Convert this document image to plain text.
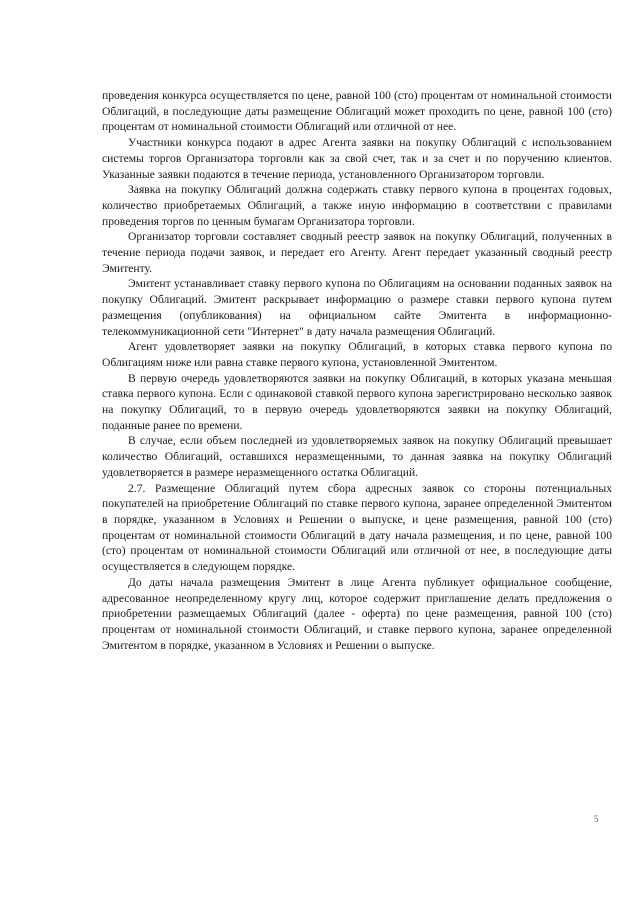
проведения конкурса осуществляется по цене, равной 100 (сто) процентам от номинальной стоимости Облигаций, в последующие даты размещение Облигаций может проходить по цене, равной 100 (сто) процентам от номинальной стоимости Облигаций или отличной от нее.

Участники конкурса подают в адрес Агента заявки на покупку Облигаций с использованием системы торгов Организатора торговли как за свой счет, так и за счет и по поручению клиентов. Указанные заявки подаются в течение периода, установленного Организатором торговли.

Заявка на покупку Облигаций должна содержать ставку первого купона в процентах годовых, количество приобретаемых Облигаций, а также иную информацию в соответствии с правилами проведения торгов по ценным бумагам Организатора торговли.

Организатор торговли составляет сводный реестр заявок на покупку Облигаций, полученных в течение периода подачи заявок, и передает его Агенту. Агент передает указанный сводный реестр Эмитенту.

Эмитент устанавливает ставку первого купона по Облигациям на основании поданных заявок на покупку Облигаций. Эмитент раскрывает информацию о размере ставки первого купона путем размещения (опубликования) на официальном сайте Эмитента в информационно-телекоммуникационной сети "Интернет" в дату начала размещения Облигаций.

Агент удовлетворяет заявки на покупку Облигаций, в которых ставка первого купона по Облигациям ниже или равна ставке первого купона, установленной Эмитентом.

В первую очередь удовлетворяются заявки на покупку Облигаций, в которых указана меньшая ставка первого купона. Если с одинаковой ставкой первого купона зарегистрировано несколько заявок на покупку Облигаций, то в первую очередь удовлетворяются заявки на покупку Облигаций, поданные ранее по времени.

В случае, если объем последней из удовлетворяемых заявок на покупку Облигаций превышает количество Облигаций, оставшихся неразмещенными, то данная заявка на покупку Облигаций удовлетворяется в размере неразмещенного остатка Облигаций.

2.7. Размещение Облигаций путем сбора адресных заявок со стороны потенциальных покупателей на приобретение Облигаций по ставке первого купона, заранее определенной Эмитентом в порядке, указанном в Условиях и Решении о выпуске, и цене размещения, равной 100 (сто) процентам от номинальной стоимости Облигаций в дату начала размещения, и по цене, равной 100 (сто) процентам от номинальной стоимости Облигаций или отличной от нее, в последующие даты осуществляется в следующем порядке.

До даты начала размещения Эмитент в лице Агента публикует официальное сообщение, адресованное неопределенному кругу лиц, которое содержит приглашение делать предложения о приобретении размещаемых Облигаций (далее - оферта) по цене размещения, равной 100 (сто) процентам от номинальной стоимости Облигаций, и ставке первого купона, заранее определенной Эмитентом в порядке, указанном в Условиях и Решении о выпуске.

5
